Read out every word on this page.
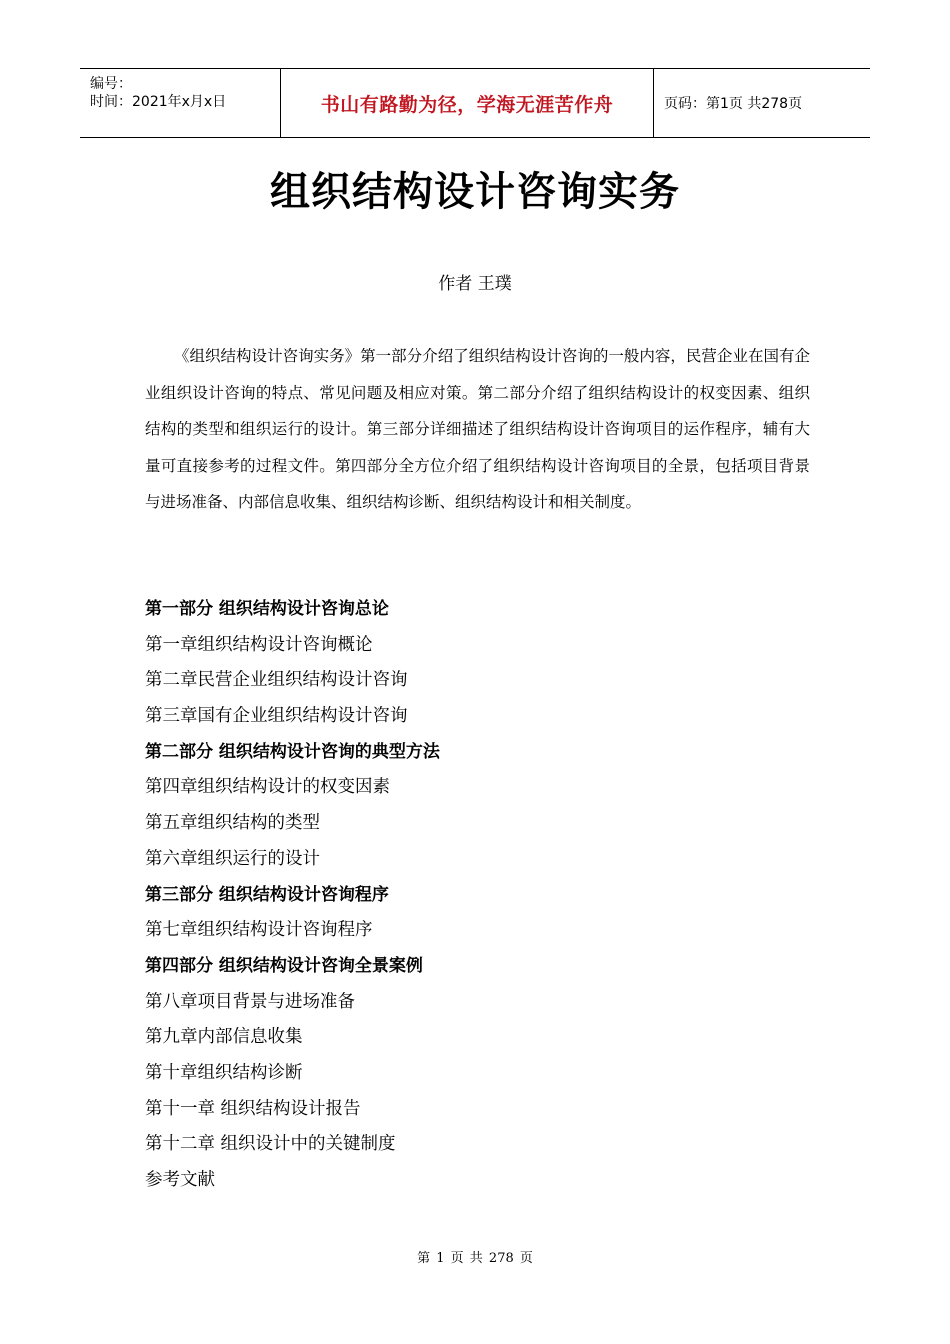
编号：
时间：2021年x月x日	书山有路勤为径，学海无涯苦作舟	页码：第1页 共278页
组织结构设计咨询实务
作者 王璞
《组织结构设计咨询实务》第一部分介绍了组织结构设计咨询的一般内容，民营企业在国有企业组织设计咨询的特点、常见问题及相应对策。第二部分介绍了组织结构设计的权变因素、组织结构的类型和组织运行的设计。第三部分详细描述了组织结构设计咨询项目的运作程序，辅有大量可直接参考的过程文件。第四部分全方位介绍了组织结构设计咨询项目的全景，包括项目背景与进场准备、内部信息收集、组织结构诊断、组织结构设计和相关制度。
第一部分 组织结构设计咨询总论
第一章组织结构设计咨询概论
第二章民营企业组织结构设计咨询
第三章国有企业组织结构设计咨询
第二部分 组织结构设计咨询的典型方法
第四章组织结构设计的权变因素
第五章组织结构的类型
第六章组织运行的设计
第三部分 组织结构设计咨询程序
第七章组织结构设计咨询程序
第四部分 组织结构设计咨询全景案例
第八章项目背景与进场准备
第九章内部信息收集
第十章组织结构诊断
第十一章 组织结构设计报告
第十二章 组织设计中的关键制度
参考文献
第 1 页 共 278 页
